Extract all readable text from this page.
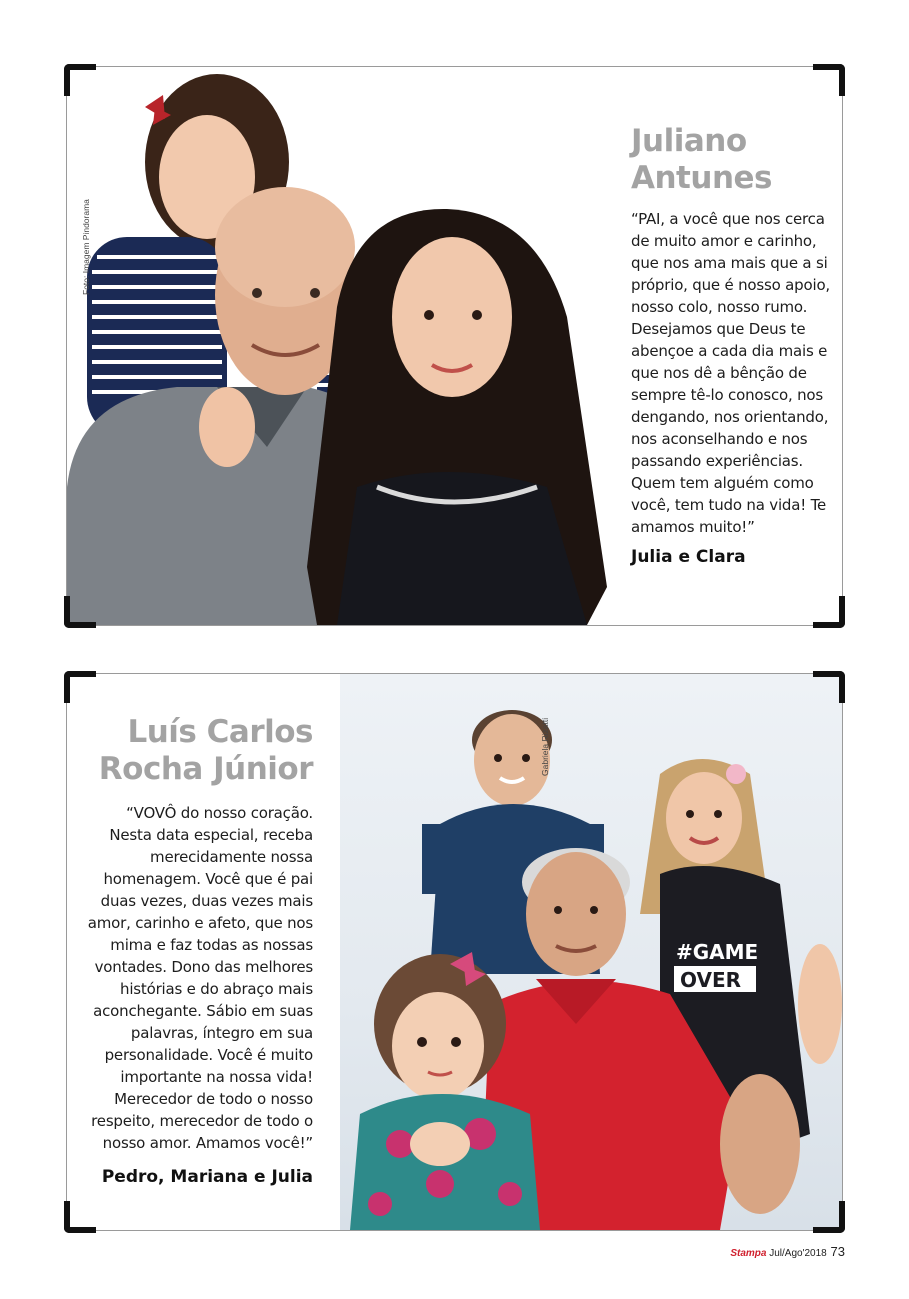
Foto: Imagem Pindorama
Juliano Antunes
“PAI, a você que nos cerca de muito amor e carinho, que nos ama mais que a si próprio, que é nosso apoio, nosso colo, nosso rumo. Desejamos que Deus te abençoe a cada dia mais e que nos dê a bênção de sempre tê-lo conosco, nos dengando, nos orientando, nos aconselhando e nos passando experiências. Quem tem alguém como você, tem tudo na vida! Te amamos muito!”
Julia e Clara
Luís Carlos Rocha Júnior
“VOVÔ do nosso coração. Nesta data especial, receba merecidamente nossa homenagem. Você que é pai duas vezes, duas vezes mais amor, carinho e afeto, que nos mima e faz todas as nossas vontades. Dono das melhores histórias e do abraço mais aconchegante. Sábio em suas palavras, íntegro em sua personalidade. Você é muito importante na nossa vida! Merecedor de todo o nosso respeito, merecedor de todo o nosso amor. Amamos você!”
Pedro, Mariana e Julia
#GAME
OVER
Gabriela Rizatti
Stampa Jul/Ago'2018 73
